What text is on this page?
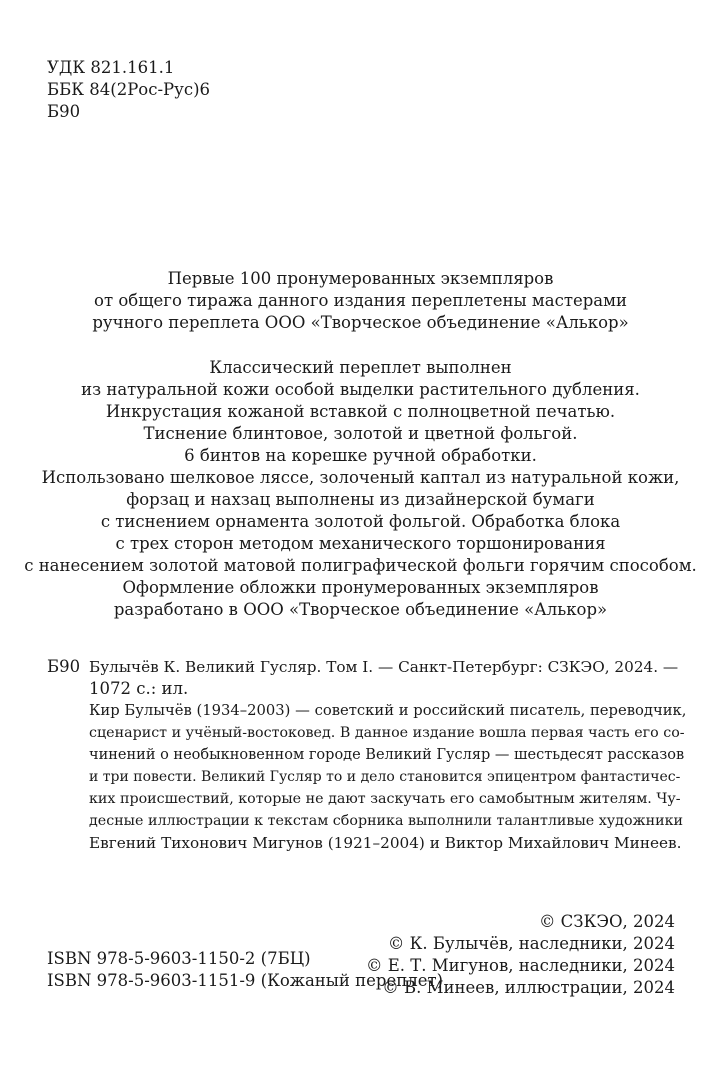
УДК 821.161.1
ББК 84(2Рос-Рус)6
Б90
Первые 100 пронумерованных экземпляров
от общего тиража данного издания переплетены мастерами
ручного переплета ООО «Творческое объединение «Алькор»
Классический переплет выполнен
из натуральной кожи особой выделки растительного дубления.
Инкрустация кожаной вставкой с полноцветной печатью.
Тиснение блинтовое, золотой и цветной фольгой.
6 бинтов на корешке ручной обработки.
Использовано шелковое ляссе, золоченый каптал из натуральной кожи,
форзац и нахзац выполнены из дизайнерской бумаги
с тиснением орнамента золотой фольгой. Обработка блока
с трех сторон методом механического торшонирования
с нанесением золотой матовой полиграфической фольги горячим способом.
Оформление обложки пронумерованных экземпляров
разработано в ООО «Творческое объединение «Алькор»
Б90 Булычёв К. Великий Гусляр. Том I. — Санкт-Петербург: СЗКЭО, 2024. —
1072 с.: ил.
Кир Булычёв (1934–2003) — советский и российский писатель, переводчик,
сценарист и учёный-востоковед. В данное издание вошла первая часть его со-
чинений о необыкновенном городе Великий Гусляр — шестьдесят рассказов
и три повести. Великий Гусляр то и дело становится эпицентром фантастичес-
ких происшествий, которые не дают заскучать его самобытным жителям. Чу-
десные иллюстрации к текстам сборника выполнили талантливые художники
Евгений Тихонович Мигунов (1921–2004) и Виктор Михайлович Минеев.
ISBN 978-5-9603-1150-2 (7БЦ)
ISBN 978-5-9603-1151-9 (Кожаный переплет)
© СЗКЭО, 2024
© К. Булычёв, наследники, 2024
© Е. Т. Мигунов, наследники, 2024
© В. Минеев, иллюстрации, 2024
